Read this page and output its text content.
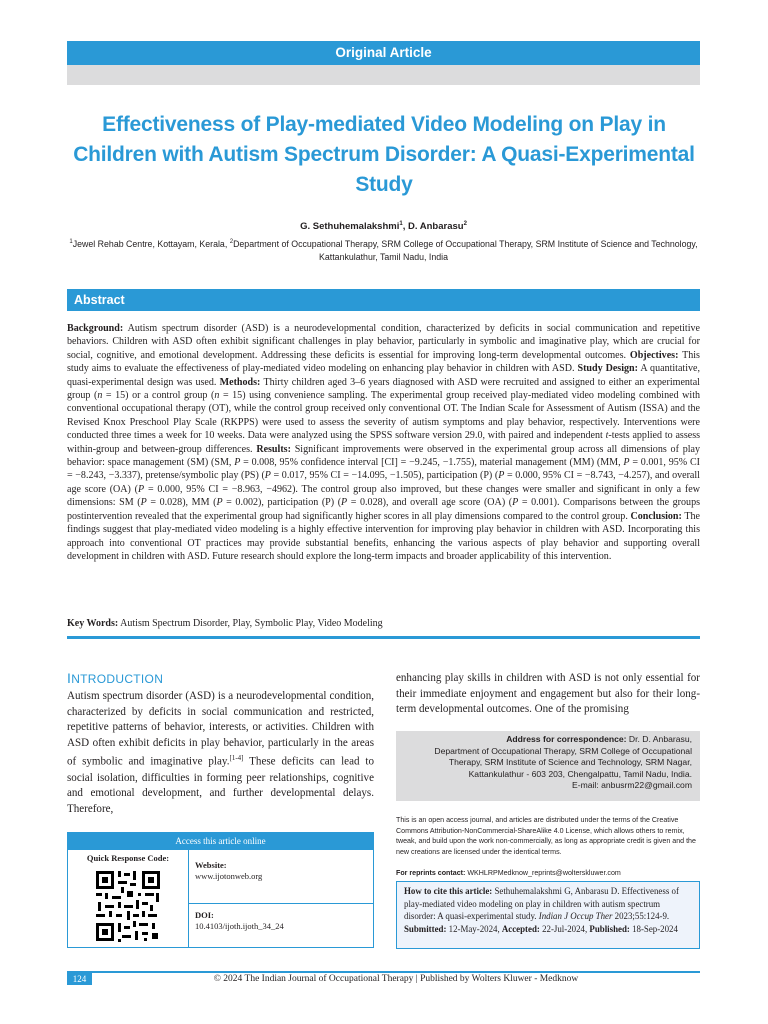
Original Article
Effectiveness of Play-mediated Video Modeling on Play in Children with Autism Spectrum Disorder: A Quasi-Experimental Study
G. Sethuhemalakshmi$^1$, D. Anbarasu$^2$
$^1$Jewel Rehab Centre, Kottayam, Kerala, $^2$Department of Occupational Therapy, SRM College of Occupational Therapy, SRM Institute of Science and Technology, Kattankulathur, Tamil Nadu, India
Abstract
Background: Autism spectrum disorder (ASD) is a neurodevelopmental condition, characterized by deficits in social communication and repetitive behaviors. Children with ASD often exhibit significant challenges in play behavior, particularly in symbolic and imaginative play, which are crucial for social, cognitive, and emotional development. Addressing these deficits is essential for improving long-term developmental outcomes. Objectives: This study aims to evaluate the effectiveness of play-mediated video modeling on enhancing play behavior in children with ASD. Study Design: A quantitative, quasi-experimental design was used. Methods: Thirty children aged 3–6 years diagnosed with ASD were recruited and assigned to either an experimental group (n = 15) or a control group (n = 15) using convenience sampling. The experimental group received play-mediated video modeling combined with conventional occupational therapy (OT), while the control group received only conventional OT. The Indian Scale for Assessment of Autism (ISSA) and the Revised Knox Preschool Play Scale (RKPPS) were used to assess the severity of autism symptoms and play behavior, respectively. Interventions were conducted three times a week for 10 weeks. Data were analyzed using the SPSS software version 29.0, with paired and independent t-tests applied to assess within-group and between-group differences. Results: Significant improvements were observed in the experimental group across all dimensions of play behavior: space management (SM) (SM, P = 0.008, 95% confidence interval [CI] = −9.245, −1.755), material management (MM) (MM, P = 0.001, 95% CI = −8.243, −3.337), pretense/symbolic play (PS) (P = 0.017, 95% CI = −14.095, −1.505), participation (P) (P = 0.000, 95% CI = −8.743, −4.257), and overall age score (OA) (P = 0.000, 95% CI = −8.963, −4962). The control group also improved, but these changes were smaller and significant in only a few dimensions: SM (P = 0.028), MM (P = 0.002), participation (P) (P = 0.028), and overall age score (OA) (P = 0.001). Comparisons between the groups postintervention revealed that the experimental group had significantly higher scores in all play dimensions compared to the control group. Conclusion: The findings suggest that play-mediated video modeling is a highly effective intervention for improving play behavior in children with ASD. Incorporating this approach into conventional OT practices may provide substantial benefits, enhancing the various aspects of play behavior and supporting overall development in children with ASD. Future research should explore the long-term impacts and broader applicability of this intervention.
Key Words: Autism Spectrum Disorder, Play, Symbolic Play, Video Modeling
INTRODUCTION
Autism spectrum disorder (ASD) is a neurodevelopmental condition, characterized by deficits in social communication and restricted, repetitive patterns of behavior, interests, or activities. Children with ASD often exhibit deficits in play behavior, particularly in the areas of symbolic and imaginative play.[1-4] These deficits can lead to social isolation, difficulties in forming peer relationships, cognitive and emotional development, and further developmental delays. Therefore,
enhancing play skills in children with ASD is not only essential for their immediate enjoyment and engagement but also for their long-term developmental outcomes. One of the promising
Address for correspondence: Dr. D. Anbarasu,
Department of Occupational Therapy, SRM College of Occupational
Therapy, SRM Institute of Science and Technology, SRM Nagar,
Kattankulathur - 603 203, Chengalpattu, Tamil Nadu, India.
E-mail: anbusrm22@gmail.com
This is an open access journal, and articles are distributed under the terms of the Creative Commons Attribution-NonCommercial-ShareAlike 4.0 License, which allows others to remix, tweak, and build upon the work non-commercially, as long as appropriate credit is given and the new creations are licensed under the identical terms.
For reprints contact: WKHLRPMedknow_reprints@wolterskluwer.com
How to cite this article: Sethuhemalakshmi G, Anbarasu D. Effectiveness of play-mediated video modeling on play in children with autism spectrum disorder: A quasi-experimental study. Indian J Occup Ther 2023;55:124-9.
Submitted: 12-May-2024, Accepted: 22-Jul-2024, Published: 18-Sep-2024
Access this article online
Quick Response Code:
Website:
www.ijotonweb.org
DOI:
10.4103/ijoth.ijoth_34_24
124	© 2024 The Indian Journal of Occupational Therapy | Published by Wolters Kluwer - Medknow
